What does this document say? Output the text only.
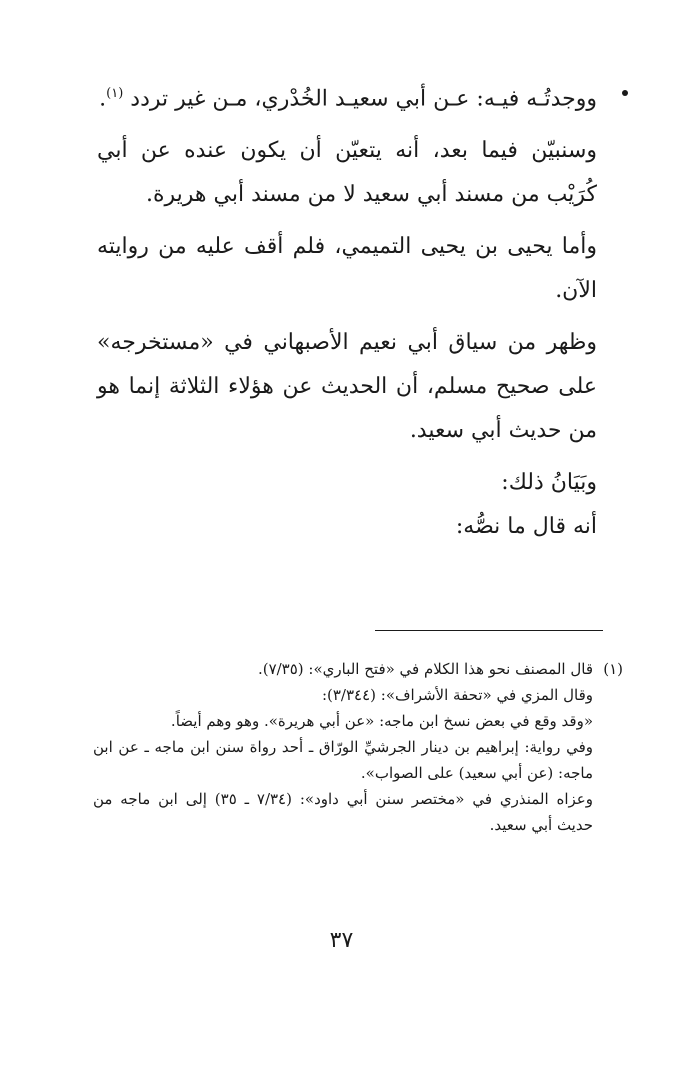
ووجدتُـه فيـه: عـن أبي سعيـد الخُدْري، مـن غير تردد $^{(١)}$.

وسنبيّن فيما بعد، أنه يتعيّن أن يكون عنده عن أبي كُرَيْب من مسند أبي سعيد لا من مسند أبي هريرة.

وأما يحيى بن يحيى التميمي، فلم أقف عليه من روايته الآن.

وظهر من سياق أبي نعيم الأصبهاني في «مستخرجه» على صحيح مسلم، أن الحديث عن هؤلاء الثلاثة إنما هو من حديث أبي سعيد.

وبَيَانُ ذلك:

أنه قال ما نصُّه:

(١)قال المصنف نحو هذا الكلام في «فتح الباري»: (٧/٣٥).

وقال المزي في «تحفة الأشراف»: (٣/٣٤٤):

«وقد وقع في بعض نسخ ابن ماجه: «عن أبي هريرة». وهو وهم أيضاً.

وفي رواية: إبراهيم بن دينار الجرشيِّ الورّاق ـ أحد رواة سنن ابن ماجه ـ عن ابن ماجه: (عن أبي سعيد) على الصواب».

وعزاه المنذري في «مختصر سنن أبي داود»: (٧/٣٤ ـ ٣٥) إلى ابن ماجه من حديث أبي سعيد.

٣٧
